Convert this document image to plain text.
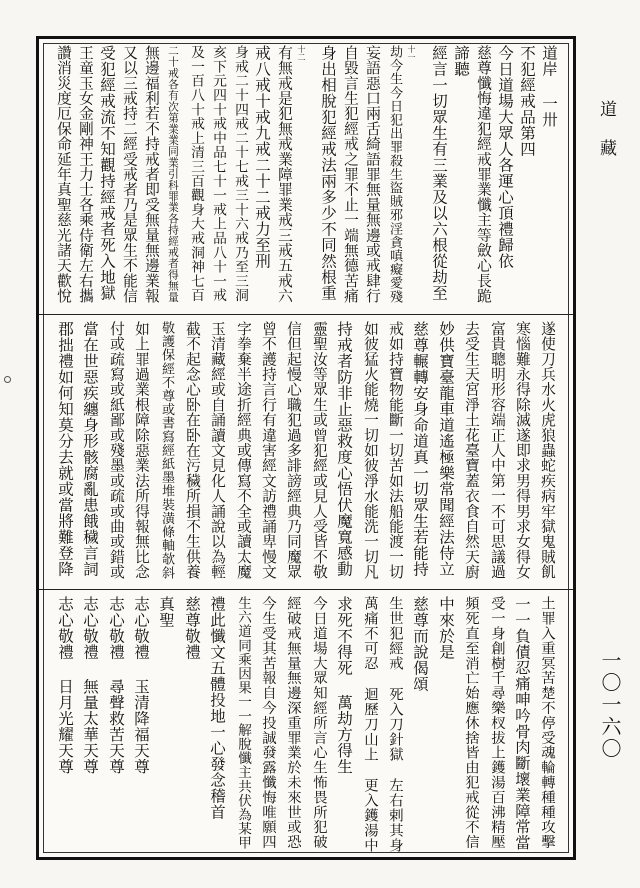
道岸 一卅
不犯經戒品第四
今日道場大眾人各運心頂禮歸依
慈尊懺悔違犯經戒罪業懺主等斂心長跪
諦聽
經言一切眾生有三業及以六根從劫至
十一
劫今生今日犯出罪殺生盜賊邪淫貪嗔癡愛殘
妄語惡口兩舌綺語罪無量無邊或戒肆行
自毀言生犯經戒之罪不止一端無德苦痛
身出相脫犯經戒法兩多少不同然根重
十二
有無戒是犯無戒業障罪業戒三戒五戒六
戒八戒十戒九戒二十二戒力至刑
身戒二十四戒二十七戒三十六戒乃至三洞
亥下元四十戒中品七十一戒上品八十一戒
及一百八十戒上清三百觀身大戒洞神七百
二十戒各有次第業業同業引科罪業各持經戒者得無量
無邊福利若不持戒者即受無量無邊業報
又以三戒持二經受戒者乃是眾生不能信
受犯經戒流不知觀持經戒者死入地獄
王童玉女金剛神王力士各乘侍衛左右攜
讚消災度厄保命延年真聖慈光諸天歡悅
遂使刀兵水火虎狼蟲蛇疾病牢獄鬼賊飢
寒惱難永得除滅遂即求男得男求女得女
富貴聰明形容端正人中第一不可思議過
去受生天宮淨土花臺寶蓋衣食自然天廚
妙供寶臺龍車道遙極樂常聞經法侍立
慈尊輾轉安身命道真一切眾生若能持
戒如持寶物能斷一切苦如法船能渡一切
如彼猛火能燒一切如彼淨水能洗一切凡
持戒者防非止惡救度心悟伏魔寬感動
靈聖汝等眾生或曾犯經或見人受皆不敬
信但起慢心職犯過多誹謗經典乃同魔眾
曾不護持言行有違害經文訪禮誦卑慢文
字拳棄半途折經典或傳寫不全或讀太魔
玉清藏經或自誦讀文見化人誦說以為輕
截不起念心卧在卧在污穢所損不生供養
敬護保經不尊或書寫經紙墨堆裝潢條軸欹斜
如上罪過業根障除惡業法所得報無比念
付或疏寫或紙鄙或殘墨或疏或曲或錯或
當在世惡疾纏身形骸腐亂患餓穢言詞
郡拙禮如何知莫分去就或當將難登降
土罪入重冥苦楚不停受魂輪轉種種攻擊
一一負債忍痛呻吟骨肉斷壞業障常當
受一身創樹千尋樂杈拔上鑊湯百沸精壓
頻死直至消亡始應休捨皆由犯戒從不信
中來於是
慈尊而說偈頌
生世犯經戒 死入刀針獄 左右剌其身
萬痛不可忍 迴歷刀山上 更入鑊湯中
求死不得死 萬劫方得生
今日道場大眾知經所言心生怖畏所犯破
經破戒無量無邊深重罪業於未來世或恐
今生受其苦報自今投誠發露懺悔唯願四
生六道同乘因果一一解脫懺主共伏為某甲
禮此懺文五體投地一心發念稽首
慈尊敬禮
真聖
志心敬禮 玉清降福天尊
志心敬禮 尋聲救苦天尊
志心敬禮 無量太華天尊
志心敬禮 日月光耀天尊
道藏
一〇一六〇
